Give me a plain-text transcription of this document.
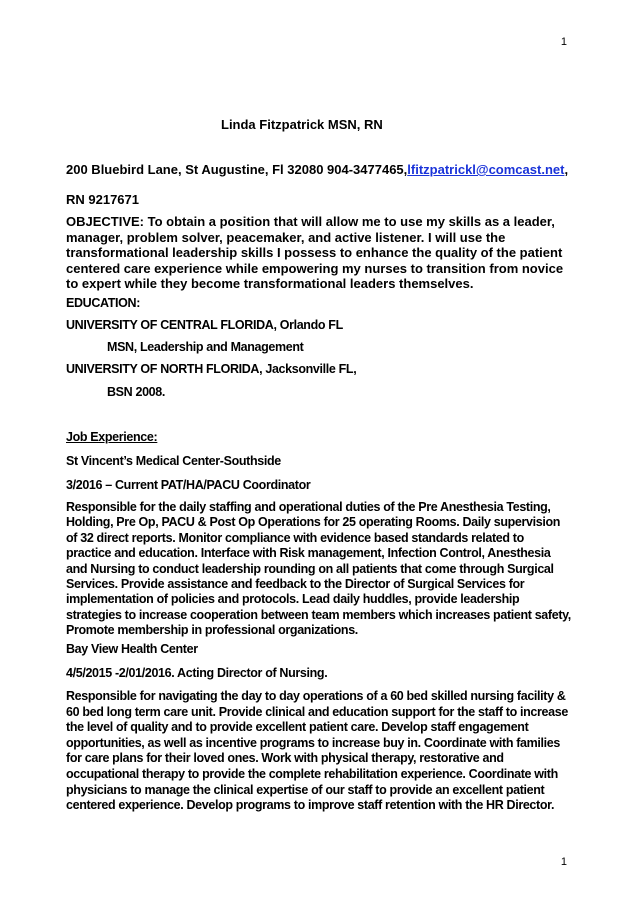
1
Linda Fitzpatrick MSN, RN
200 Bluebird Lane, St Augustine, Fl 32080 904-3477465,lfitzpatrickl@comcast.net,
RN 9217671
OBJECTIVE: To obtain a position that will allow me to use my skills as a leader, manager, problem solver, peacemaker, and active listener. I will use the transformational leadership skills I possess to enhance the quality of the patient centered care experience while empowering my nurses to transition from novice to expert while they become transformational leaders themselves.
EDUCATION:
UNIVERSITY OF CENTRAL FLORIDA, Orlando FL
MSN, Leadership and Management
UNIVERSITY OF NORTH FLORIDA, Jacksonville FL,
BSN 2008.
Job Experience:
St Vincent’s Medical Center-Southside
3/2016 – Current PAT/HA/PACU Coordinator
Responsible for the daily staffing and operational duties of the Pre Anesthesia Testing, Holding, Pre Op, PACU & Post Op Operations for 25 operating Rooms. Daily supervision of 32 direct reports. Monitor compliance with evidence based standards related to practice and education. Interface with Risk management, Infection Control, Anesthesia and Nursing to conduct leadership rounding on all patients that come through Surgical Services. Provide assistance and feedback to the Director of Surgical Services for implementation of policies and protocols. Lead daily huddles, provide leadership strategies to increase cooperation between team members which increases patient safety, Promote membership in professional organizations.
Bay View Health Center
4/5/2015 -2/01/2016. Acting Director of Nursing.
Responsible for navigating the day to day operations of a 60 bed skilled nursing facility & 60 bed long term care unit. Provide clinical and education support for the staff to increase the level of quality and to provide excellent patient care. Develop staff engagement opportunities, as well as incentive programs to increase buy in. Coordinate with families for care plans for their loved ones. Work with physical therapy, restorative and occupational therapy to provide the complete rehabilitation experience. Coordinate with physicians to manage the clinical expertise of our staff to provide an excellent patient centered experience. Develop programs to improve staff retention with the HR Director.
1
